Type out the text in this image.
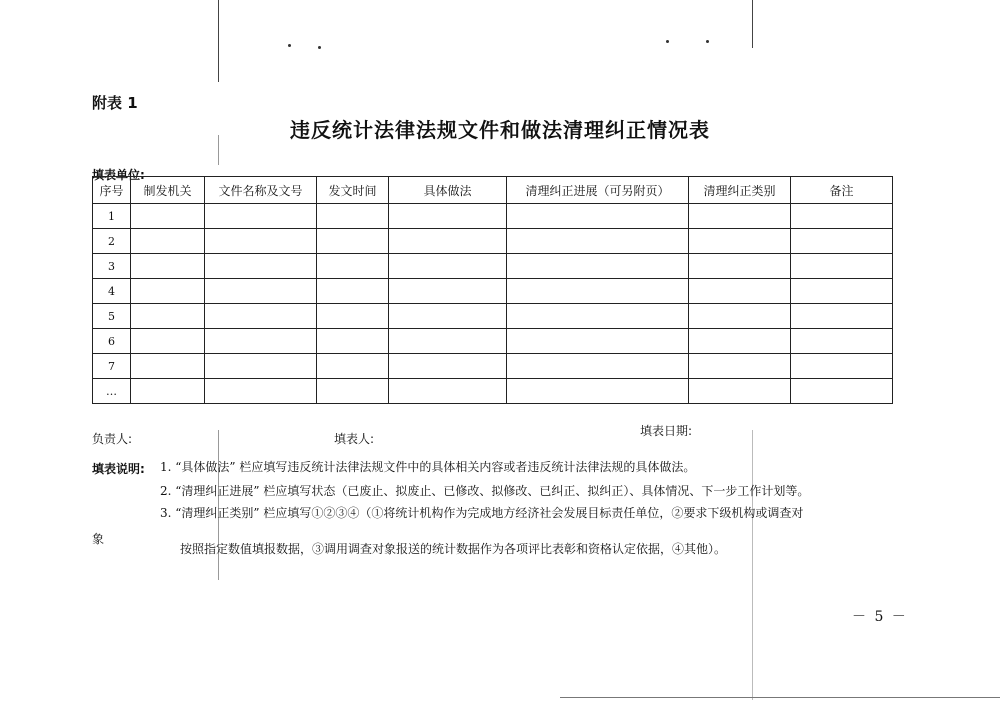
附表 1
违反统计法律法规文件和做法清理纠正情况表
填表单位:
序号	制发机关	文件名称及文号	发文时间	具体做法	清理纠正进展（可另附页）	清理纠正类别	备注
1							
2							
3							
4							
5							
6							
7							
…							
负责人:	填表人:
填表日期:
填表说明: 1. “具体做法” 栏应填写违反统计法律法规文件中的具体相关内容或者违反统计法律法规的具体做法。
2. “清理纠正进展” 栏应填写状态（已废止、拟废止、已修改、拟修改、已纠正、拟纠正）、具体情况、下一步工作计划等。
3. “清理纠正类别” 栏应填写①②③④（①将统计机构作为完成地方经济社会发展目标责任单位，②要求下级机构或调查对
象
按照指定数值填报数据，③调用调查对象报送的统计数据作为各项评比表彰和资格认定依据，④其他）。
－ 5 －
